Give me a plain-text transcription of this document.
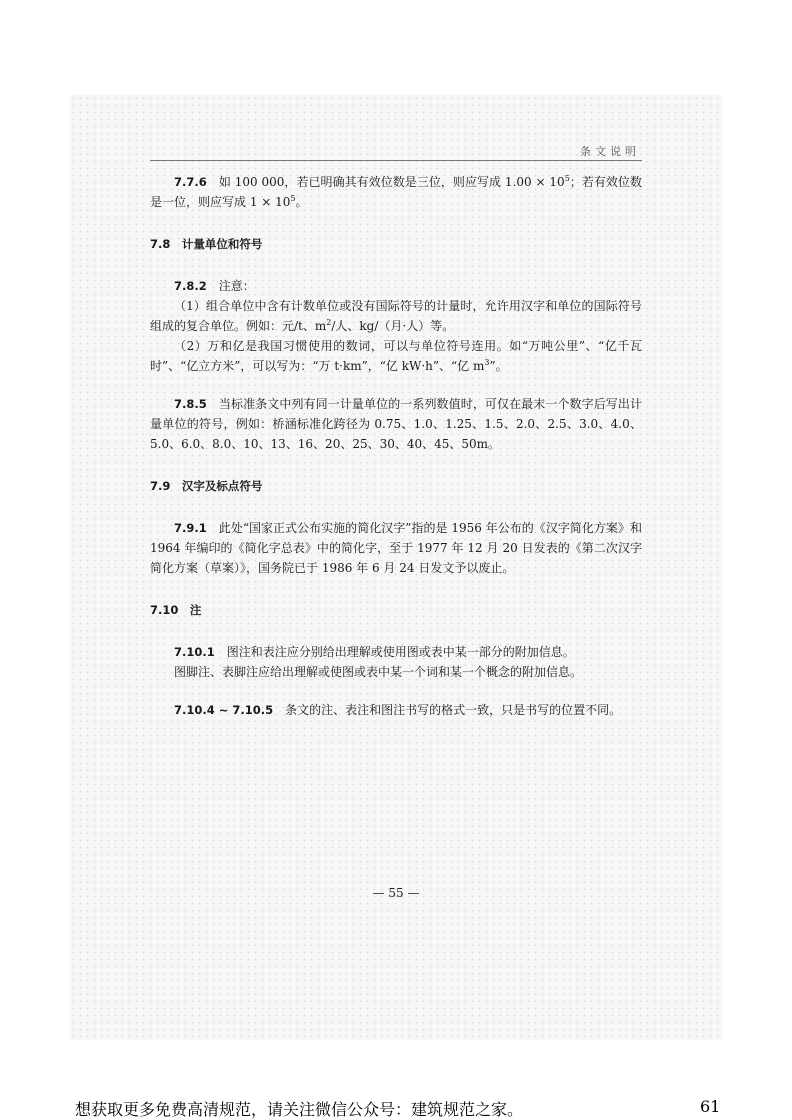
条文说明

7.7.6　 如 100 000，若已明确其有效位数是三位，则应写成 $1.00 \times 10^5$；若有效位数是一位，则应写成 $1 \times 10^5$。

7.8　计量单位和符号

7.8.2　 注意：

（1）组合单位中含有计数单位或没有国际符号的计量时，允许用汉字和单位的国际符号组成的复合单位。例如：元/t、$m^2/$人、kg/（月·人）等。

（2）万和亿是我国习惯使用的数词，可以与单位符号连用。如“万吨公里”、“亿千瓦时”、“亿立方米”，可以写为：“万 t·km”，“亿 kW·h”、“亿 $m^3$”。

7.8.5　 当标准条文中列有同一计量单位的一系列数值时，可仅在最末一个数字后写出计量单位的符号，例如：桥涵标准化跨径为 0.75、1.0、1.25、1.5、2.0、2.5、3.0、4.0、5.0、6.0、8.0、10、13、16、20、25、30、40、45、50m。

7.9　汉字及标点符号

7.9.1　 此处“国家正式公布实施的简化汉字”指的是 1956 年公布的《汉字简化方案》和 1964 年编印的《简化字总表》中的简化字，至于 1977 年 12 月 20 日发表的《第二次汉字简化方案（草案）》，国务院已于 1986 年 6 月 24 日发文予以废止。

7.10　注

7.10.1　 图注和表注应分别给出理解或使用图或表中某一部分的附加信息。

图脚注、表脚注应给出理解或使图或表中某一个词和某一个概念的附加信息。

7.10.4 ~ 7.10.5　 条文的注、表注和图注书写的格式一致，只是书写的位置不同。

— 55 —
想获取更多免费高清规范，请关注微信公众号：建筑规范之家。	61
